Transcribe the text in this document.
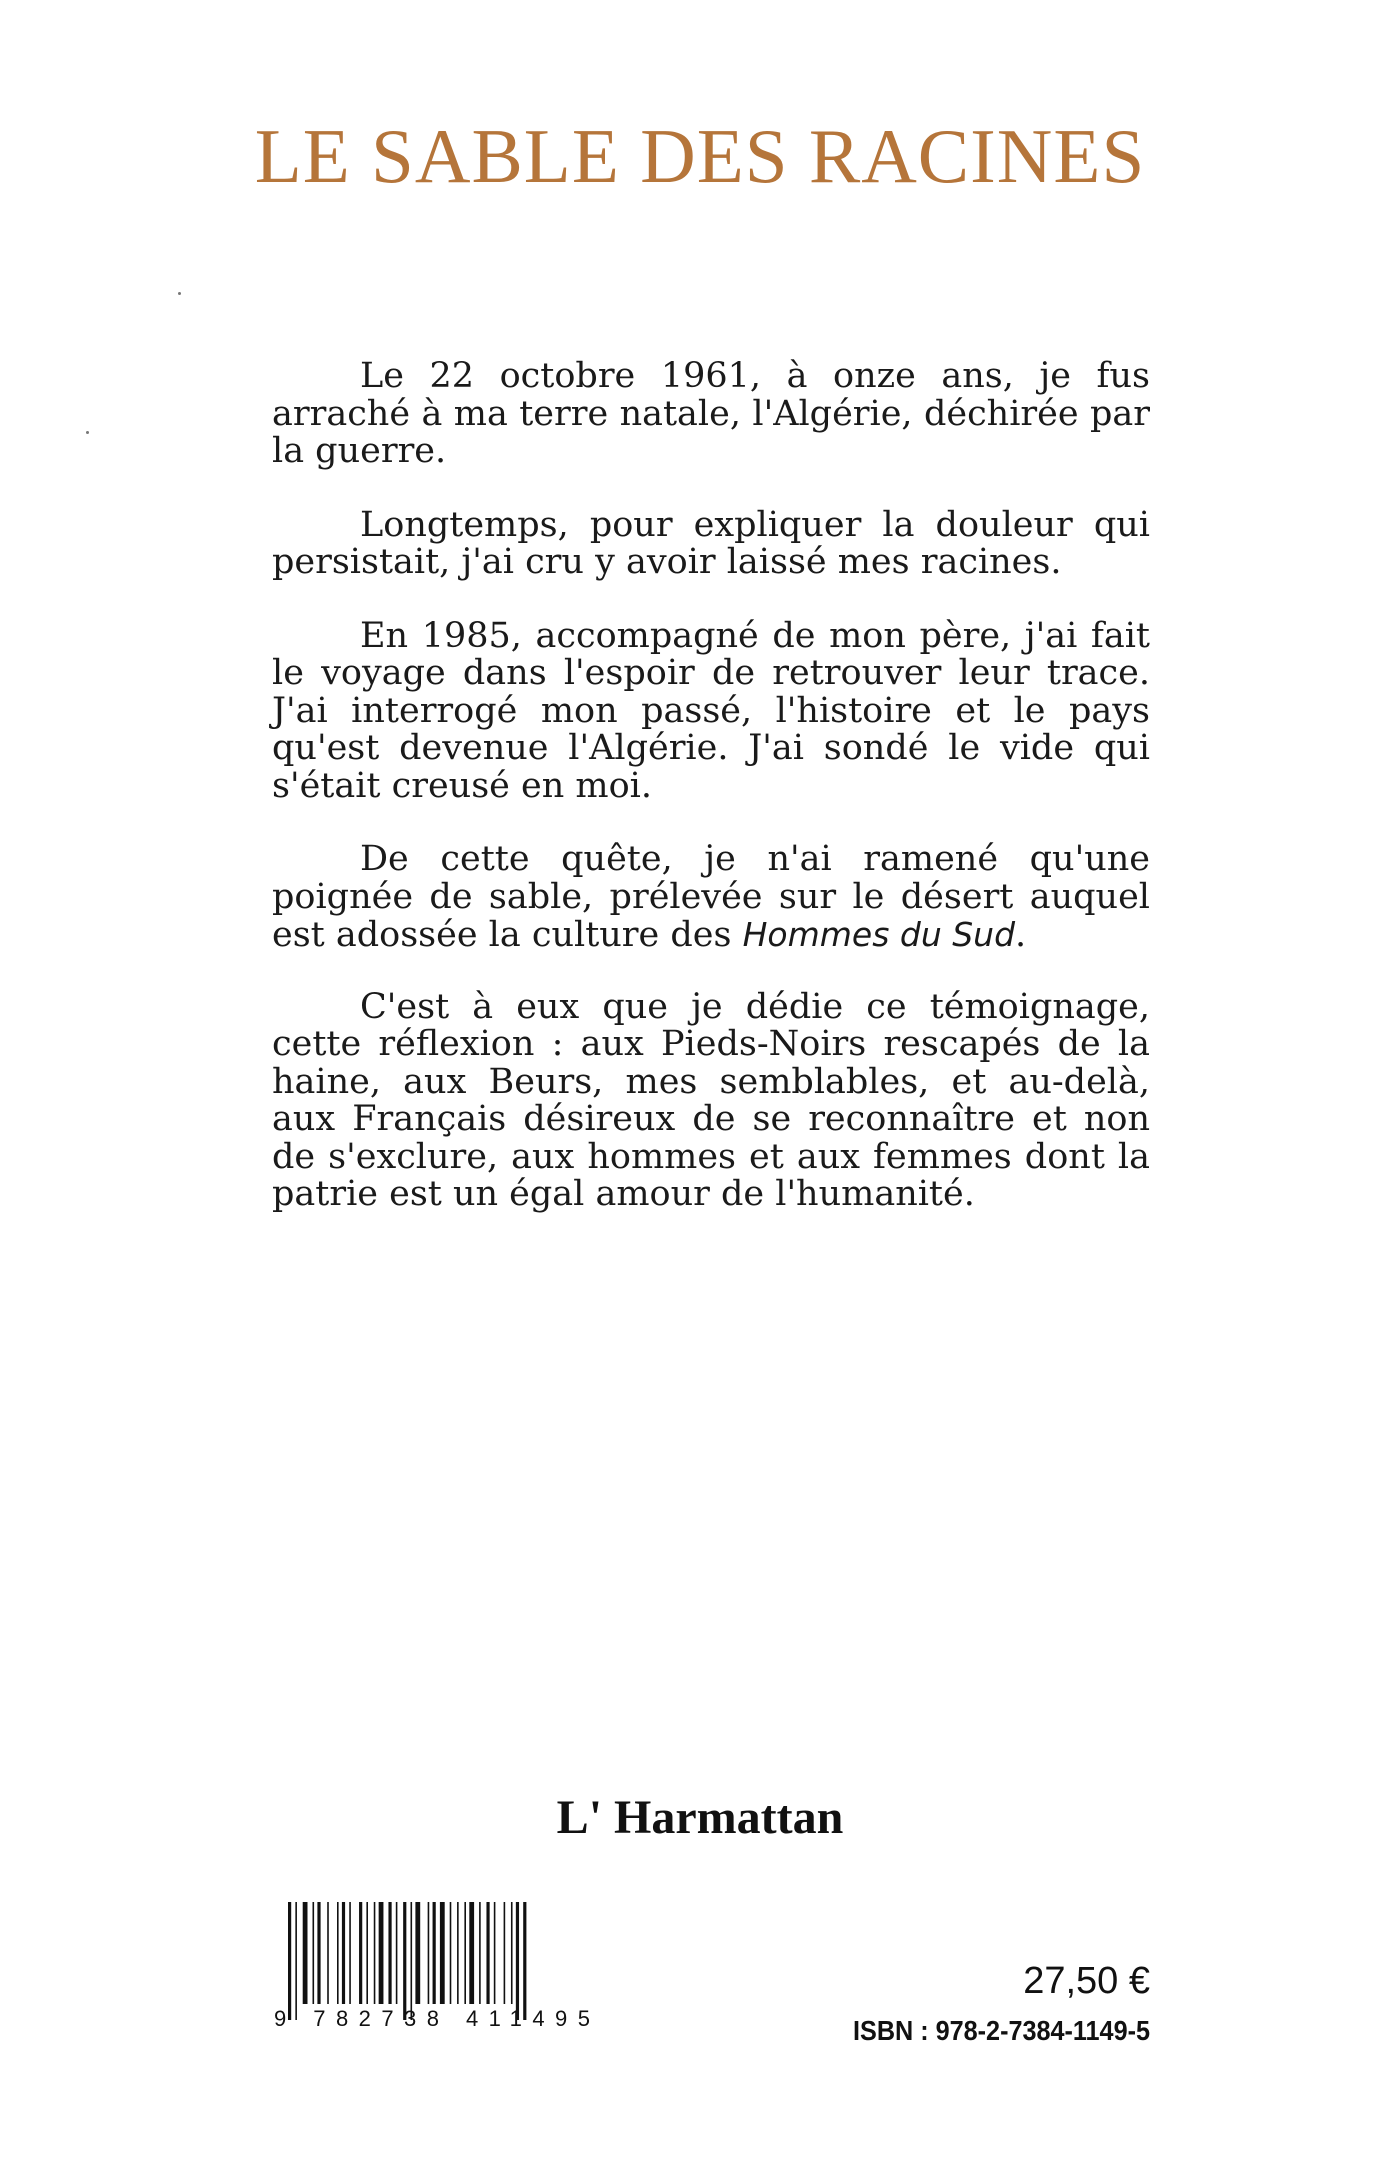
LE SABLE DES RACINES

Le 22 octobre 1961, à onze ans, je fus arraché à ma terre natale, l'Algérie, déchirée par la guerre.

Longtemps, pour expliquer la douleur qui persistait, j'ai cru y avoir laissé mes racines.

En 1985, accompagné de mon père, j'ai fait le voyage dans l'espoir de retrouver leur trace. J'ai interrogé mon passé, l'histoire et le pays qu'est devenue l'Algérie. J'ai sondé le vide qui s'était creusé en moi.

De cette quête, je n'ai ramené qu'une poignée de sable, prélevée sur le désert auquel est adossée la culture des Hommes du Sud.

C'est à eux que je dédie ce témoignage, cette réflexion : aux Pieds-Noirs rescapés de la haine, aux Beurs, mes semblables, et au-delà, aux Français désireux de se reconnaître et non de s'exclure, aux hommes et aux femmes dont la patrie est un égal amour de l'humanité.

L' Harmattan
9 782738 411495
27,50 €
ISBN : 978-2-7384-1149-5
